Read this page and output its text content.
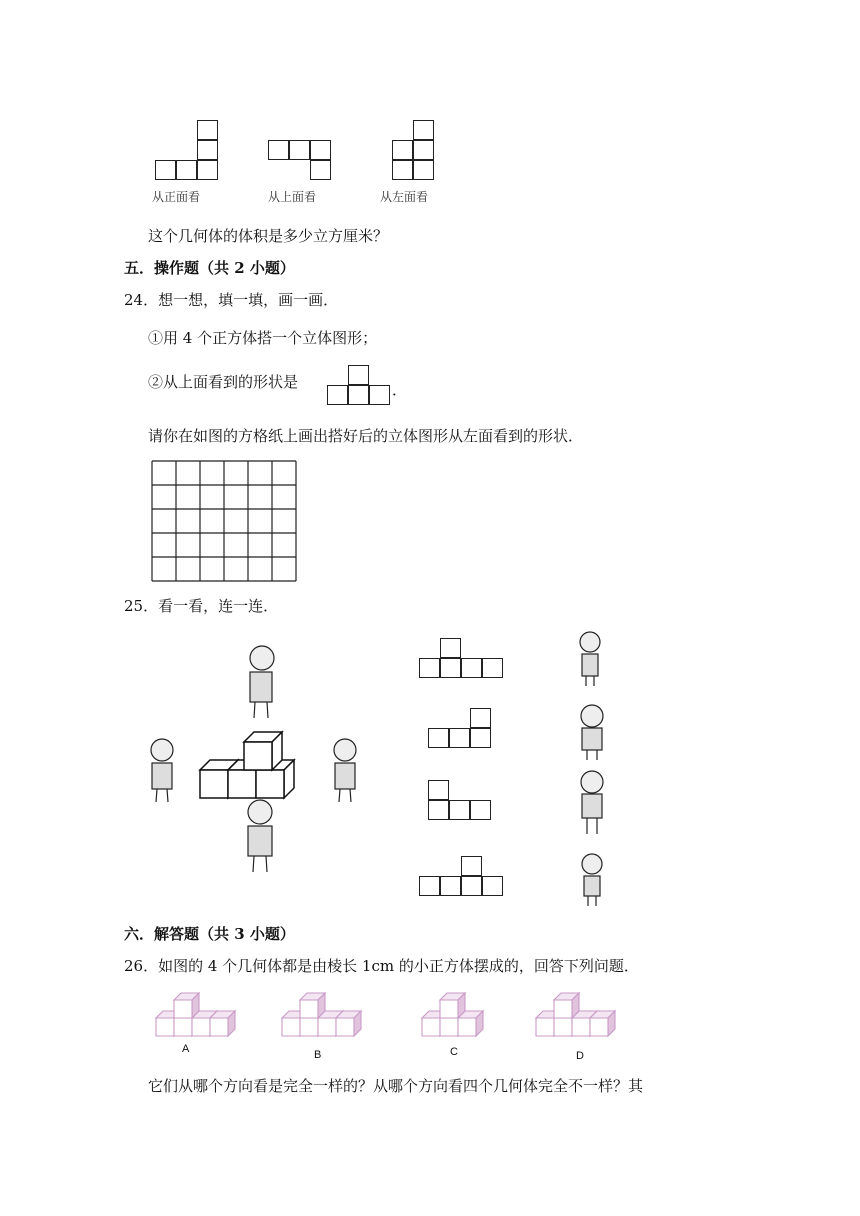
从正面看	从上面看	从左面看
这个几何体的体积是多少立方厘米？
五．操作题（共 2 小题）
24．想一想，填一填，画一画．
①用 4 个正方体搭一个立体图形；
②从上面看到的形状是	．
请你在如图的方格纸上画出搭好后的立体图形从左面看到的形状．
25．看一看，连一连．
六．解答题（共 3 小题）
26．如图的 4 个几何体都是由棱长 1cm 的小正方体摆成的，回答下列问题．
A	B	C	D
它们从哪个方向看是完全一样的？从哪个方向看四个几何体完全不一样？其
